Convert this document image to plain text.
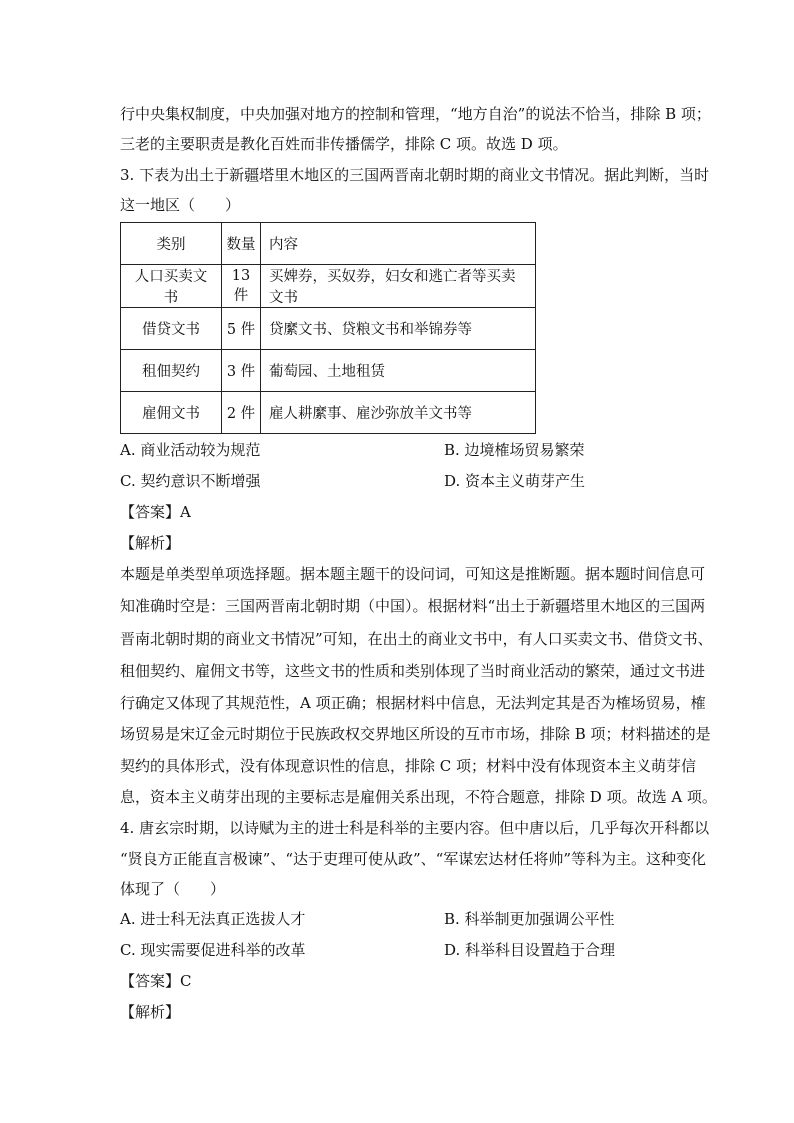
行中央集权制度，中央加强对地方的控制和管理，“地方自治”的说法不恰当，排除 B 项；
三老的主要职责是教化百姓而非传播儒学，排除 C 项。故选 D 项。
3. 下表为出土于新疆塔里木地区的三国两晋南北朝时期的商业文书情况。据此判断，当时
这一地区（　　）
类别	数量	内容
人口买卖文书	13 件	买婢券，买奴券，妇女和逃亡者等买卖文书
借贷文书	5 件	贷縻文书、贷粮文书和举锦券等
租佃契约	3 件	葡萄园、土地租赁
雇佣文书	2 件	雇人耕縻事、雇沙弥放羊文书等
A. 商业活动较为规范	B. 边境榷场贸易繁荣
C. 契约意识不断增强	D. 资本主义萌芽产生
【答案】A
【解析】
本题是单类型单项选择题。据本题主题干的设问词，可知这是推断题。据本题时间信息可
知准确时空是：三国两晋南北朝时期（中国）。根据材料“出土于新疆塔里木地区的三国两
晋南北朝时期的商业文书情况”可知，在出土的商业文书中，有人口买卖文书、借贷文书、
租佃契约、雇佣文书等，这些文书的性质和类别体现了当时商业活动的繁荣，通过文书进
行确定又体现了其规范性，A 项正确；根据材料中信息，无法判定其是否为榷场贸易，榷
场贸易是宋辽金元时期位于民族政权交界地区所设的互市市场，排除 B 项；材料描述的是
契约的具体形式，没有体现意识性的信息，排除 C 项；材料中没有体现资本主义萌芽信
息，资本主义萌芽出现的主要标志是雇佣关系出现，不符合题意，排除 D 项。故选 A 项。
4. 唐玄宗时期，以诗赋为主的进士科是科举的主要内容。但中唐以后，几乎每次开科都以
“贤良方正能直言极谏”、“达于吏理可使从政”、“军谋宏达材任将帅”等科为主。这种变化
体现了（　　）
A. 进士科无法真正选拔人才	B. 科举制更加强调公平性
C. 现实需要促进科举的改革	D. 科举科目设置趋于合理
【答案】C
【解析】
